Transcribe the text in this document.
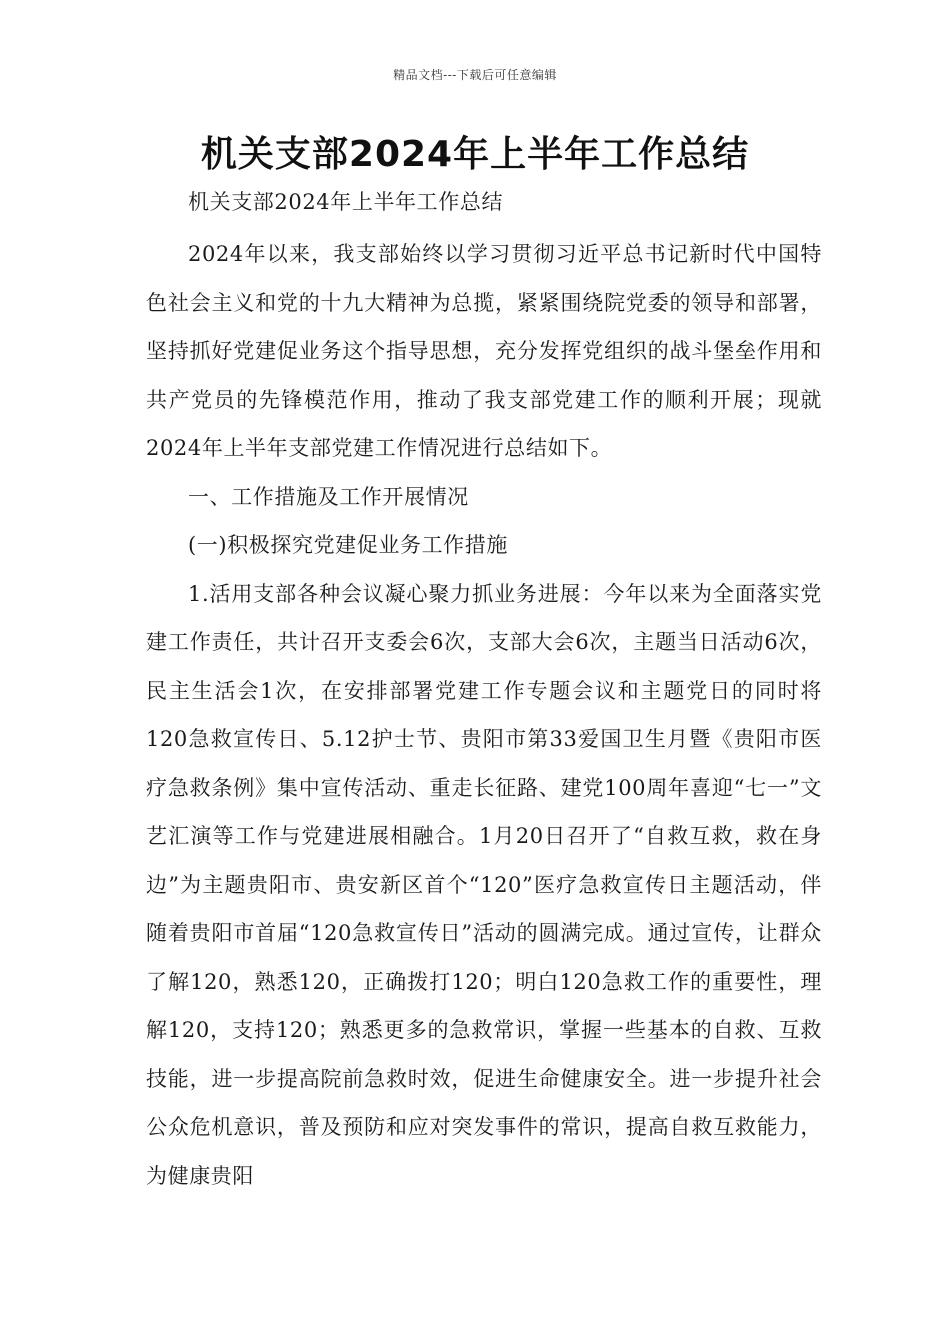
精品文档---下载后可任意编辑
机关支部2024年上半年工作总结

机关支部2024年上半年工作总结

2024年以来，我支部始终以学习贯彻习近平总书记新时代中国特色社会主义和党的十九大精神为总揽，紧紧围绕院党委的领导和部署，坚持抓好党建促业务这个指导思想，充分发挥党组织的战斗堡垒作用和共产党员的先锋模范作用，推动了我支部党建工作的顺利开展；现就2024年上半年支部党建工作情况进行总结如下。

一、工作措施及工作开展情况

(一)积极探究党建促业务工作措施

1.活用支部各种会议凝心聚力抓业务进展：今年以来为全面落实党建工作责任，共计召开支委会6次，支部大会6次，主题当日活动6次，民主生活会1次，在安排部署党建工作专题会议和主题党日的同时将120急救宣传日、5.12护士节、贵阳市第33爱国卫生月暨《贵阳市医疗急救条例》集中宣传活动、重走长征路、建党100周年喜迎“七一”文艺汇演等工作与党建进展相融合。1月20日召开了“自救互救，救在身边”为主题贵阳市、贵安新区首个“120”医疗急救宣传日主题活动，伴随着贵阳市首届“120急救宣传日”活动的圆满完成。通过宣传，让群众了解120，熟悉120，正确拨打120；明白120急救工作的重要性，理解120，支持120；熟悉更多的急救常识，掌握一些基本的自救、互救技能，进一步提高院前急救时效，促进生命健康安全。进一步提升社会公众危机意识，普及预防和应对突发事件的常识，提高自救互救能力，为健康贵阳
